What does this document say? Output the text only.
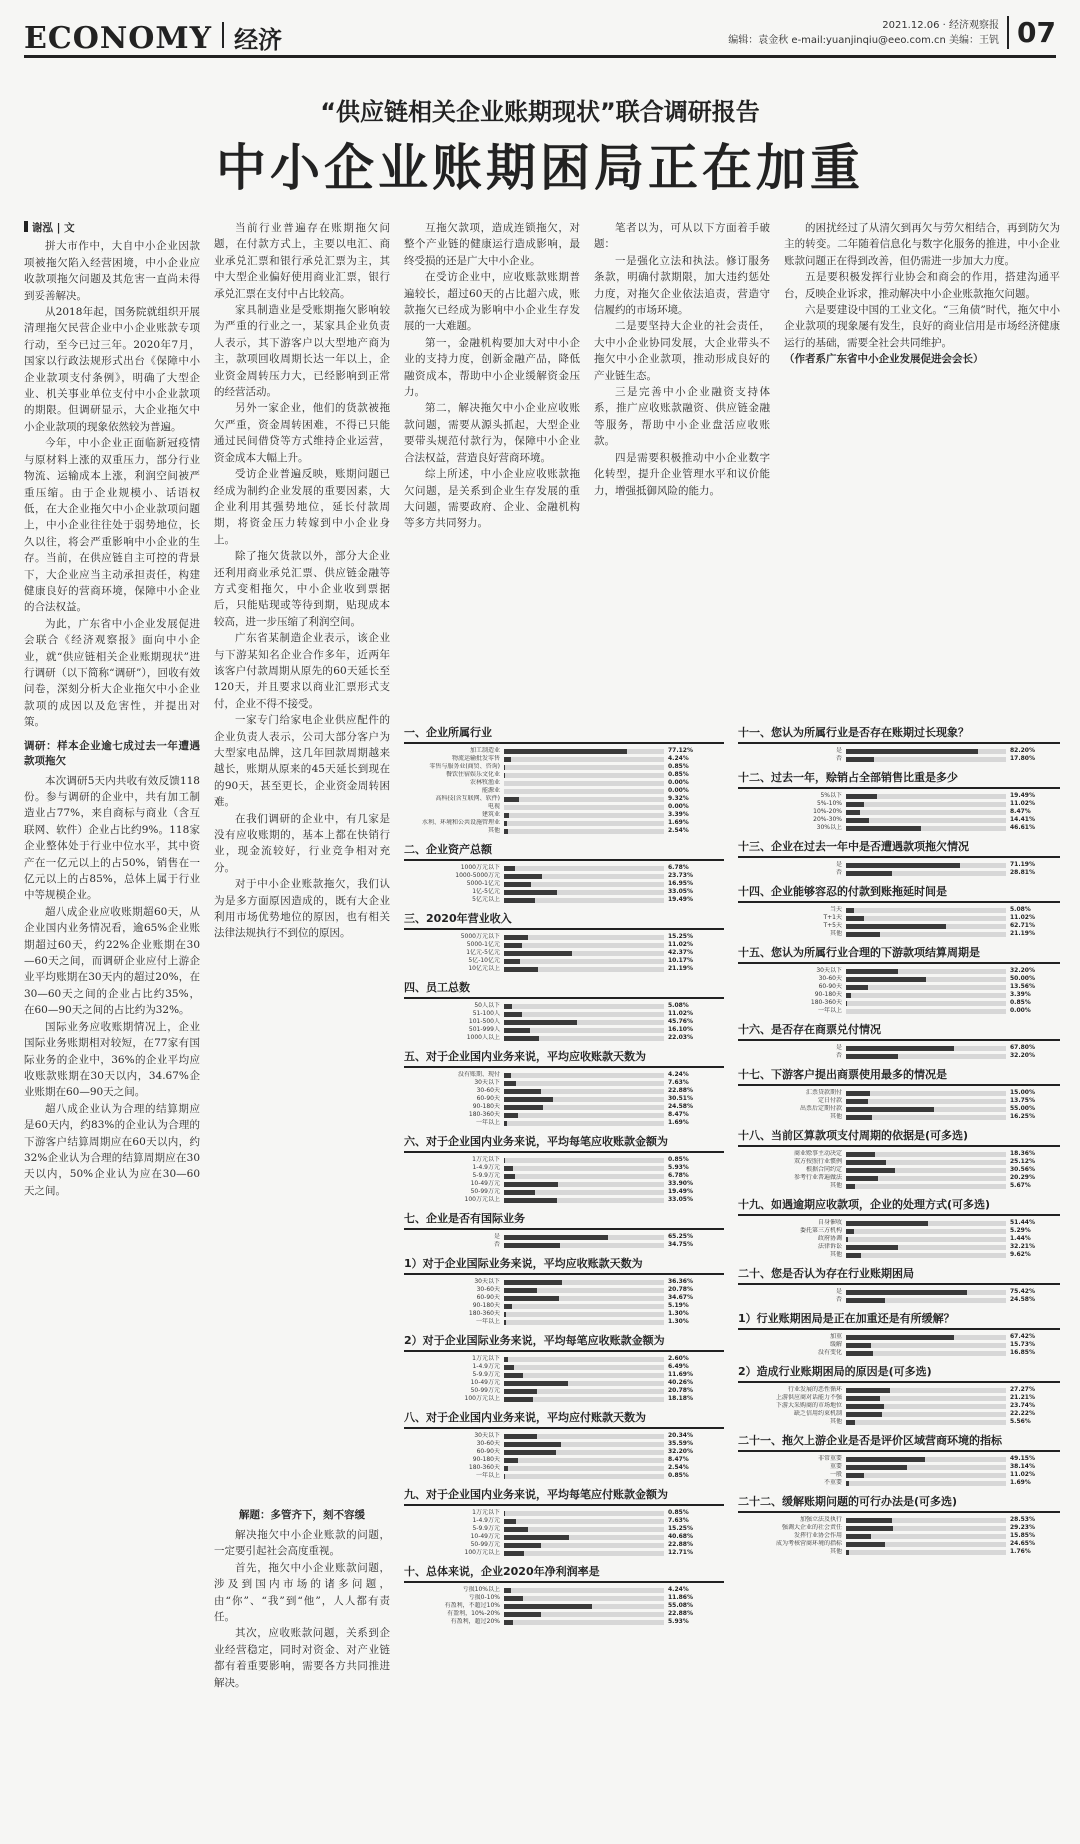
ECONOMY 经济
2021.12.06 · 经济观察报
编辑：袁金秋 e-mail:yuanjinqiu@eeo.com.cn 美编：王钒 07
“供应链相关企业账期现状”联合调研报告
中小企业账期困局正在加重

谢泓 | 文

拼大市作中，大自中小企业因款项被拖欠陷入经营困境，中小企业应收款项拖欠问题及其危害一直尚未得到妥善解决。

从2018年起，国务院就组织开展清理拖欠民营企业中小企业账款专项行动，至今已过三年。2020年7月，国家以行政法规形式出台《保障中小企业款项支付条例》，明确了大型企业、机关事业单位支付中小企业款项的期限。但调研显示，大企业拖欠中小企业款项的现象依然较为普遍。

今年，中小企业正面临新冠疫情与原材料上涨的双重压力，部分行业物流、运输成本上涨，利润空间被严重压缩。由于企业规模小、话语权低，在大企业拖欠中小企业款项问题上，中小企业往往处于弱势地位，长久以往，将会严重影响中小企业的生存。当前，在供应链自主可控的背景下，大企业应当主动承担责任，构建健康良好的营商环境，保障中小企业的合法权益。

为此，广东省中小企业发展促进会联合《经济观察报》面向中小企业，就“供应链相关企业账期现状”进行调研（以下简称“调研”），回收有效问卷，深刻分析大企业拖欠中小企业款项的成因以及危害性，并提出对策。

调研：样本企业逾七成过去一年遭遇款项拖欠

本次调研5天内共收有效反馈118份。参与调研的企业中，共有加工制造业占77%，来自商标与商业（含互联网、软件）企业占比约9%。118家企业整体处于行业中位水平，其中资产在一亿元以上的占50%，销售在一亿元以上的占85%，总体上属于行业中等规模企业。

超八成企业应收账期超60天，从企业国内业务情况看，逾65%企业账期超过60天，约22%企业账期在30—60天之间，而调研企业应付上游企业平均账期在30天内的超过20%，在30—60天之间的企业占比约35%，在60—90天之间的占比约为32%。

国际业务应收账期情况上，企业国际业务账期相对较短，在77家有国际业务的企业中，36%的企业平均应收账款账期在30天以内，34.67%企业账期在60—90天之间。

超八成企业认为合理的结算期应是60天内，约83%的企业认为合理的下游客户结算周期应在60天以内，约32%企业认为合理的结算周期应在30天以内，50%企业认为应在30—60天之间。

当前行业普遍存在账期拖欠问题，在付款方式上，主要以电汇、商业承兑汇票和银行承兑汇票为主，其中大型企业偏好使用商业汇票，银行承兑汇票在支付中占比较高。

家具制造业是受账期拖欠影响较为严重的行业之一，某家具企业负责人表示，其下游客户以大型地产商为主，款项回收周期长达一年以上，企业资金周转压力大，已经影响到正常的经营活动。

另外一家企业，他们的货款被拖欠严重，资金周转困难，不得已只能通过民间借贷等方式维持企业运营，资金成本大幅上升。

受访企业普遍反映，账期问题已经成为制约企业发展的重要因素，大企业利用其强势地位，延长付款周期，将资金压力转嫁到中小企业身上。

除了拖欠货款以外，部分大企业还利用商业承兑汇票、供应链金融等方式变相拖欠，中小企业收到票据后，只能贴现或等待到期，贴现成本较高，进一步压缩了利润空间。

广东省某制造企业表示，该企业与下游某知名企业合作多年，近两年该客户付款周期从原先的60天延长至120天，并且要求以商业汇票形式支付，企业不得不接受。

一家专门给家电企业供应配件的企业负责人表示，公司大部分客户为大型家电品牌，这几年回款周期越来越长，账期从原来的45天延长到现在的90天，甚至更长，企业资金周转困难。

在我们调研的企业中，有几家是没有应收账期的，基本上都在快销行业，现金流较好，行业竞争相对充分。

对于中小企业账款拖欠，我们认为是多方面原因造成的，既有大企业利用市场优势地位的原因，也有相关法律法规执行不到位的原因。

互拖欠款项，造成连锁拖欠，对整个产业链的健康运行造成影响，最终受损的还是广大中小企业。

在受访企业中，应收账款账期普遍较长，超过60天的占比超六成，账款拖欠已经成为影响中小企业生存发展的一大难题。

第一，金融机构要加大对中小企业的支持力度，创新金融产品，降低融资成本，帮助中小企业缓解资金压力。

第二，解决拖欠中小企业应收账款问题，需要从源头抓起，大型企业要带头规范付款行为，保障中小企业合法权益，营造良好营商环境。

综上所述，中小企业应收账款拖欠问题，是关系到企业生存发展的重大问题，需要政府、企业、金融机构等多方共同努力。

笔者以为，可从以下方面着手破题：

一是强化立法和执法。修订服务条款，明确付款期限，加大违约惩处力度，对拖欠企业依法追责，营造守信履约的市场环境。

二是要坚持大企业的社会责任，大中小企业协同发展，大企业带头不拖欠中小企业款项，推动形成良好的产业链生态。

三是完善中小企业融资支持体系，推广应收账款融资、供应链金融等服务，帮助中小企业盘活应收账款。

四是需要积极推动中小企业数字化转型，提升企业管理水平和议价能力，增强抵御风险的能力。

的困扰经过了从清欠到再欠与劳欠相结合，再到防欠为主的转变。二年随着信息化与数字化服务的推进，中小企业账款问题正在得到改善，但仍需进一步加大力度。

五是要积极发挥行业协会和商会的作用，搭建沟通平台，反映企业诉求，推动解决中小企业账款拖欠问题。

六是要建设中国的工业文化。“三角债”时代，拖欠中小企业款项的现象屡有发生，良好的商业信用是市场经济健康运行的基础，需要全社会共同维护。

（作者系广东省中小企业发展促进会会长）

解题：多管齐下，刻不容缓

解决拖欠中小企业账款的问题，一定要引起社会高度重视。

首先，拖欠中小企业账款问题，涉及到国内市场的诸多问题，由“你”、“我”到“他”，人人都有责任。

其次，应收账款问题，关系到企业经营稳定，同时对资金、对产业链都有着重要影响，需要各方共同推进解决。

一、企业所属行业
加工制造业	77.12%
物流运输批发零售	4.24%
零售与服务业(商贸、咨询)	0.85%
餐饮住宿娱乐文化业	0.85%
农林牧渔业	0.00%
能源业	0.00%
高科技(含互联网、软件)	9.32%
电视	0.00%
建筑业	3.39%
水利、环境和公共设施管理业	1.69%
其他	2.54%
二、企业资产总额
1000万元以下	6.78%
1000-5000万元	23.73%
5000-1亿元	16.95%
1亿-5亿元	33.05%
5亿元以上	19.49%
三、2020年营业收入
5000万元以下	15.25%
5000-1亿元	11.02%
1亿元-5亿元	42.37%
5亿-10亿元	10.17%
10亿元以上	21.19%
四、员工总数
50人以下	5.08%
51-100人	11.02%
101-500人	45.76%
501-999人	16.10%
1000人以上	22.03%
五、对于企业国内业务来说，平均应收账款天数为
没有账期、现付	4.24%
30天以下	7.63%
30-60天	22.88%
60-90天	30.51%
90-180天	24.58%
180-360天	8.47%
一年以上	1.69%
六、对于企业国内业务来说，平均每笔应收账款金额为
1万元以下	0.85%
1-4.9万元	5.93%
5-9.9万元	6.78%
10-49万元	33.90%
50-99万元	19.49%
100万元以上	33.05%
七、企业是否有国际业务
是	65.25%
否	34.75%
1）对于企业国际业务来说，平均应收账款天数为
30天以下	36.36%
30-60天	20.78%
60-90天	34.67%
90-180天	5.19%
180-360天	1.30%
一年以上	1.30%
2）对于企业国际业务来说，平均每笔应收账款金额为
1万元以下	2.60%
1-4.9万元	6.49%
5-9.9万元	11.69%
10-49万元	40.26%
50-99万元	20.78%
100万元以上	18.18%
八、对于企业国内业务来说，平均应付账款天数为
30天以下	20.34%
30-60天	35.59%
60-90天	32.20%
90-180天	8.47%
180-360天	2.54%
一年以上	0.85%
九、对于企业国内业务来说，平均每笔应付账款金额为
1万元以下	0.85%
1-4.9万元	7.63%
5-9.9万元	15.25%
10-49万元	40.68%
50-99万元	22.88%
100万元以上	12.71%
十、总体来说，企业2020年净利润率是
亏损10%以上	4.24%
亏损0-10%	11.86%
有盈利，不超过10%	55.08%
有盈利，10%-20%	22.88%
有盈利，超过20%	5.93%
十一、您认为所属行业是否存在账期过长现象？
是	82.20%
否	17.80%
十二、过去一年，赊销占全部销售比重是多少
5%以下	19.49%
5%-10%	11.02%
10%-20%	8.47%
20%-30%	14.41%
30%以上	46.61%
十三、企业在过去一年中是否遭遇款项拖欠情况
是	71.19%
否	28.81%
十四、企业能够容忍的付款到账拖延时间是
当天	5.08%
T+1天	11.02%
T+5天	62.71%
其他	21.19%
十五、您认为所属行业合理的下游款项结算周期是
30天以下	32.20%
30-60天	50.00%
60-90天	13.56%
90-180天	3.39%
180-360天	0.85%
一年以上	0.00%
十六、是否存在商票兑付情况
是	67.80%
否	32.20%
十七、下游客户提出商票使用最多的情况是
汇票贷款期付	15.00%
定日付款	13.75%
出票后定期付款	55.00%
其他	16.25%
十八、当前区算款项支付周期的依据是(可多选)
商业赊事主动决定	18.36%
双方按照行业惯例	25.12%
根据合同约定	30.56%
参考行业普遍做法	20.29%
其他	5.67%
十九、如遇逾期应收款项，企业的处理方式(可多选)
自身催收	51.44%
委托第三方机构	5.29%
政府协调	1.44%
法律诉讼	32.21%
其他	9.62%
二十、您是否认为存在行业账期困局
是	75.42%
否	24.58%
1）行业账期困局是正在加重还是有所缓解？
加重	67.42%
缓解	15.73%
没有变化	16.85%
2）造成行业账期困局的原因是(可多选)
行业发展的恶性循环	27.27%
上游供应商对话能力不强	21.21%
下游大采购商的市场地位	23.74%
缺乏信用约束机制	22.22%
其他	5.56%
二十一、拖欠上游企业是否是评价区域营商环境的指标
非常重要	49.15%
重要	38.14%
一般	11.02%
不重要	1.69%
二十二、缓解账期问题的可行办法是(可多选)
加强立法及执行	28.53%
强调大企业的社会责任	29.23%
发挥行业协会作用	15.85%
成为考核营商环境的指标	24.65%
其他	1.76%
